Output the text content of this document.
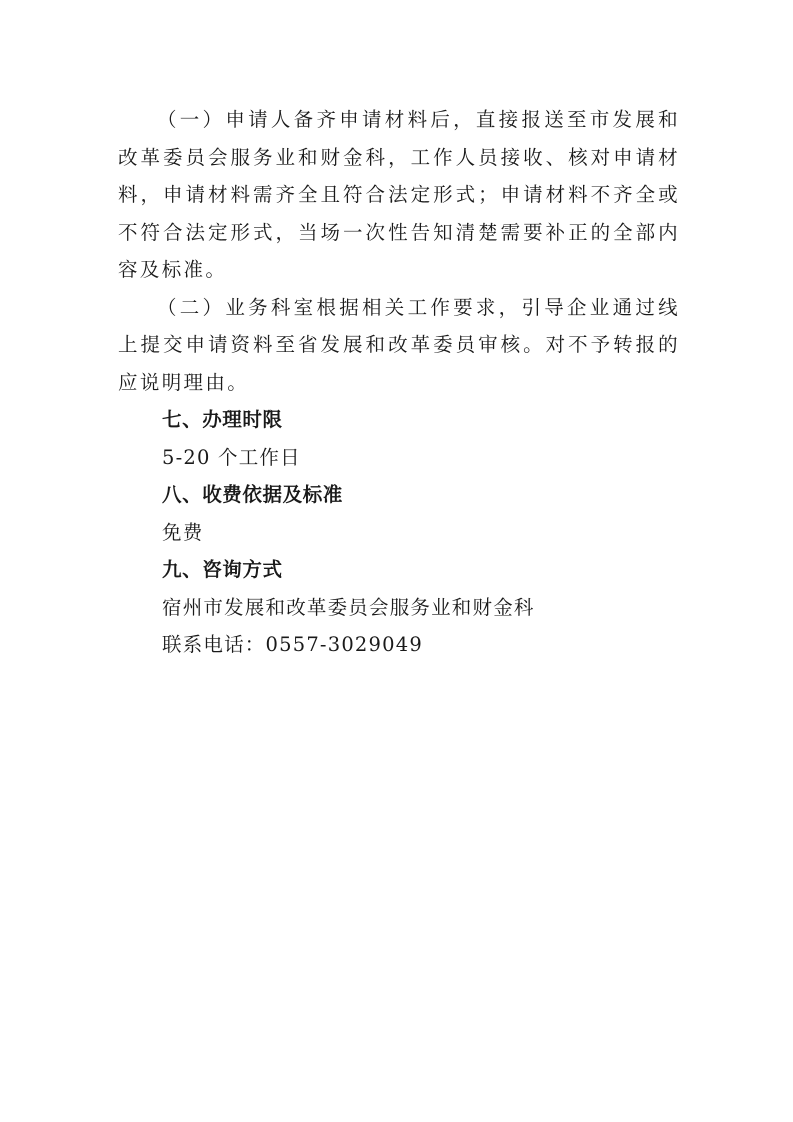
（一）申请人备齐申请材料后，直接报送至市发展和改革委员会服务业和财金科，工作人员接收、核对申请材料，申请材料需齐全且符合法定形式；申请材料不齐全或不符合法定形式，当场一次性告知清楚需要补正的全部内容及标准。

（二）业务科室根据相关工作要求，引导企业通过线上提交申请资料至省发展和改革委员审核。对不予转报的应说明理由。

七、办理时限

5-20 个工作日

八、收费依据及标准

免费

九、咨询方式

宿州市发展和改革委员会服务业和财金科

联系电话：0557-3029049
